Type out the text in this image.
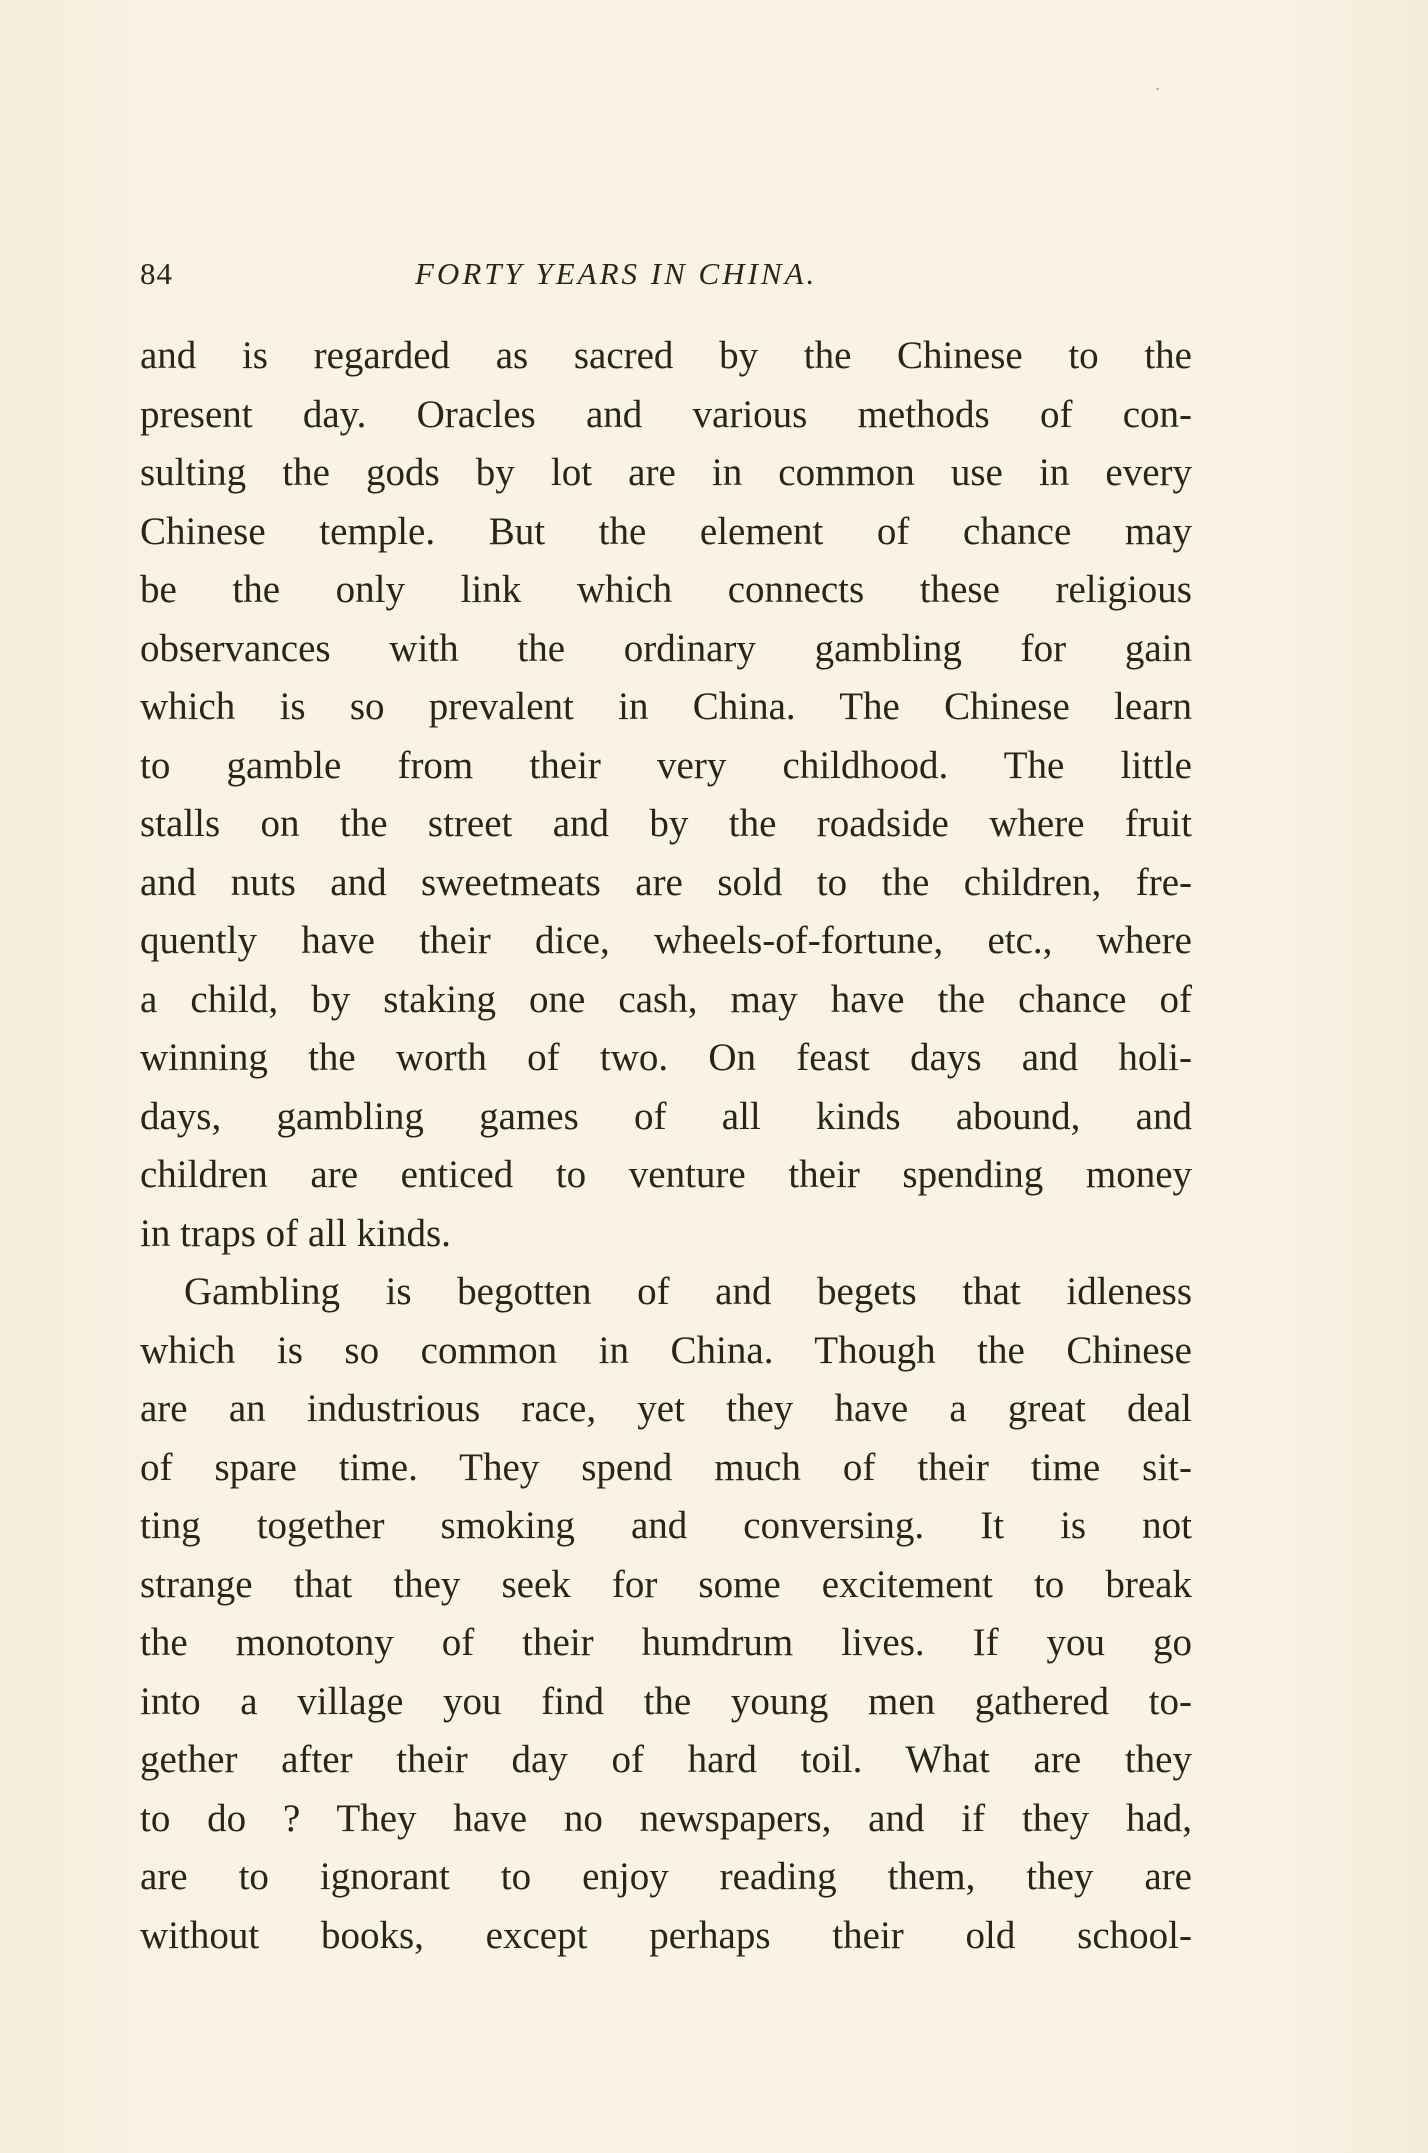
84	FORTY YEARS IN CHINA.
and is regarded as sacred by the Chinese to the
present day. Oracles and various methods of con-
sulting the gods by lot are in common use in every
Chinese temple. But the element of chance may
be the only link which connects these religious
observances with the ordinary gambling for gain
which is so prevalent in China. The Chinese learn
to gamble from their very childhood. The little
stalls on the street and by the roadside where fruit
and nuts and sweetmeats are sold to the children, fre-
quently have their dice, wheels-of-fortune, etc., where
a child, by staking one cash, may have the chance of
winning the worth of two. On feast days and holi-
days, gambling games of all kinds abound, and
children are enticed to venture their spending money
in traps of all kinds.
Gambling is begotten of and begets that idleness
which is so common in China. Though the Chinese
are an industrious race, yet they have a great deal
of spare time. They spend much of their time sit-
ting together smoking and conversing. It is not
strange that they seek for some excitement to break
the monotony of their humdrum lives. If you go
into a village you find the young men gathered to-
gether after their day of hard toil. What are they
to do ? They have no newspapers, and if they had,
are to ignorant to enjoy reading them, they are
without books, except perhaps their old school-
